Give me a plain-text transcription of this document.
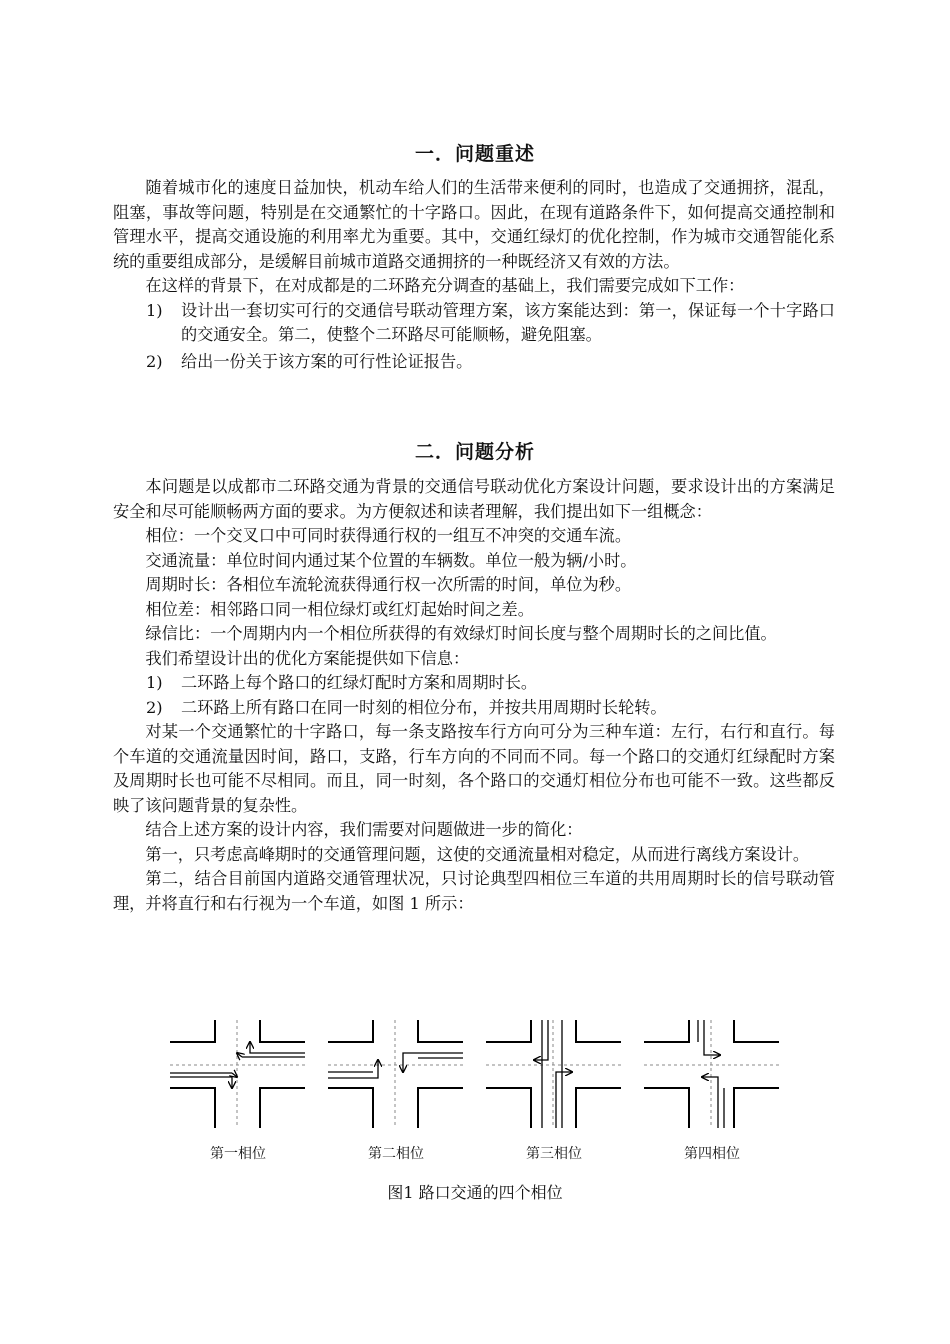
一．问题重述

随着城市化的速度日益加快，机动车给人们的生活带来便利的同时，也造成了交通拥挤，混乱，阻塞，事故等问题，特别是在交通繁忙的十字路口。因此，在现有道路条件下，如何提高交通控制和管理水平，提高交通设施的利用率尤为重要。其中，交通红绿灯的优化控制，作为城市交通智能化系统的重要组成部分，是缓解目前城市道路交通拥挤的一种既经济又有效的方法。

在这样的背景下，在对成都是的二环路充分调查的基础上，我们需要完成如下工作：

1) 设计出一套切实可行的交通信号联动管理方案，该方案能达到：第一，保证每一个十字路口的交通安全。第二，使整个二环路尽可能顺畅，避免阻塞。
2) 给出一份关于该方案的可行性论证报告。
二．问题分析

本问题是以成都市二环路交通为背景的交通信号联动优化方案设计问题，要求设计出的方案满足安全和尽可能顺畅两方面的要求。为方便叙述和读者理解，我们提出如下一组概念：

相位：一个交叉口中可同时获得通行权的一组互不冲突的交通车流。

交通流量：单位时间内通过某个位置的车辆数。单位一般为辆/小时。

周期时长：各相位车流轮流获得通行权一次所需的时间，单位为秒。

相位差：相邻路口同一相位绿灯或红灯起始时间之差。

绿信比：一个周期内内一个相位所获得的有效绿灯时间长度与整个周期时长的之间比值。

我们希望设计出的优化方案能提供如下信息：

1) 二环路上每个路口的红绿灯配时方案和周期时长。
2) 二环路上所有路口在同一时刻的相位分布，并按共用周期时长轮转。

对某一个交通繁忙的十字路口，每一条支路按车行方向可分为三种车道：左行，右行和直行。每个车道的交通流量因时间，路口，支路，行车方向的不同而不同。每一个路口的交通灯红绿配时方案及周期时长也可能不尽相同。而且，同一时刻，各个路口的交通灯相位分布也可能不一致。这些都反映了该问题背景的复杂性。

结合上述方案的设计内容，我们需要对问题做进一步的简化：

第一，只考虑高峰期时的交通管理问题，这使的交通流量相对稳定，从而进行离线方案设计。

第二，结合目前国内道路交通管理状况，只讨论典型四相位三车道的共用周期时长的信号联动管理，并将直行和右行视为一个车道，如图 1 所示：

第一相位	第二相位	第三相位	第四相位
图1 路口交通的四个相位
